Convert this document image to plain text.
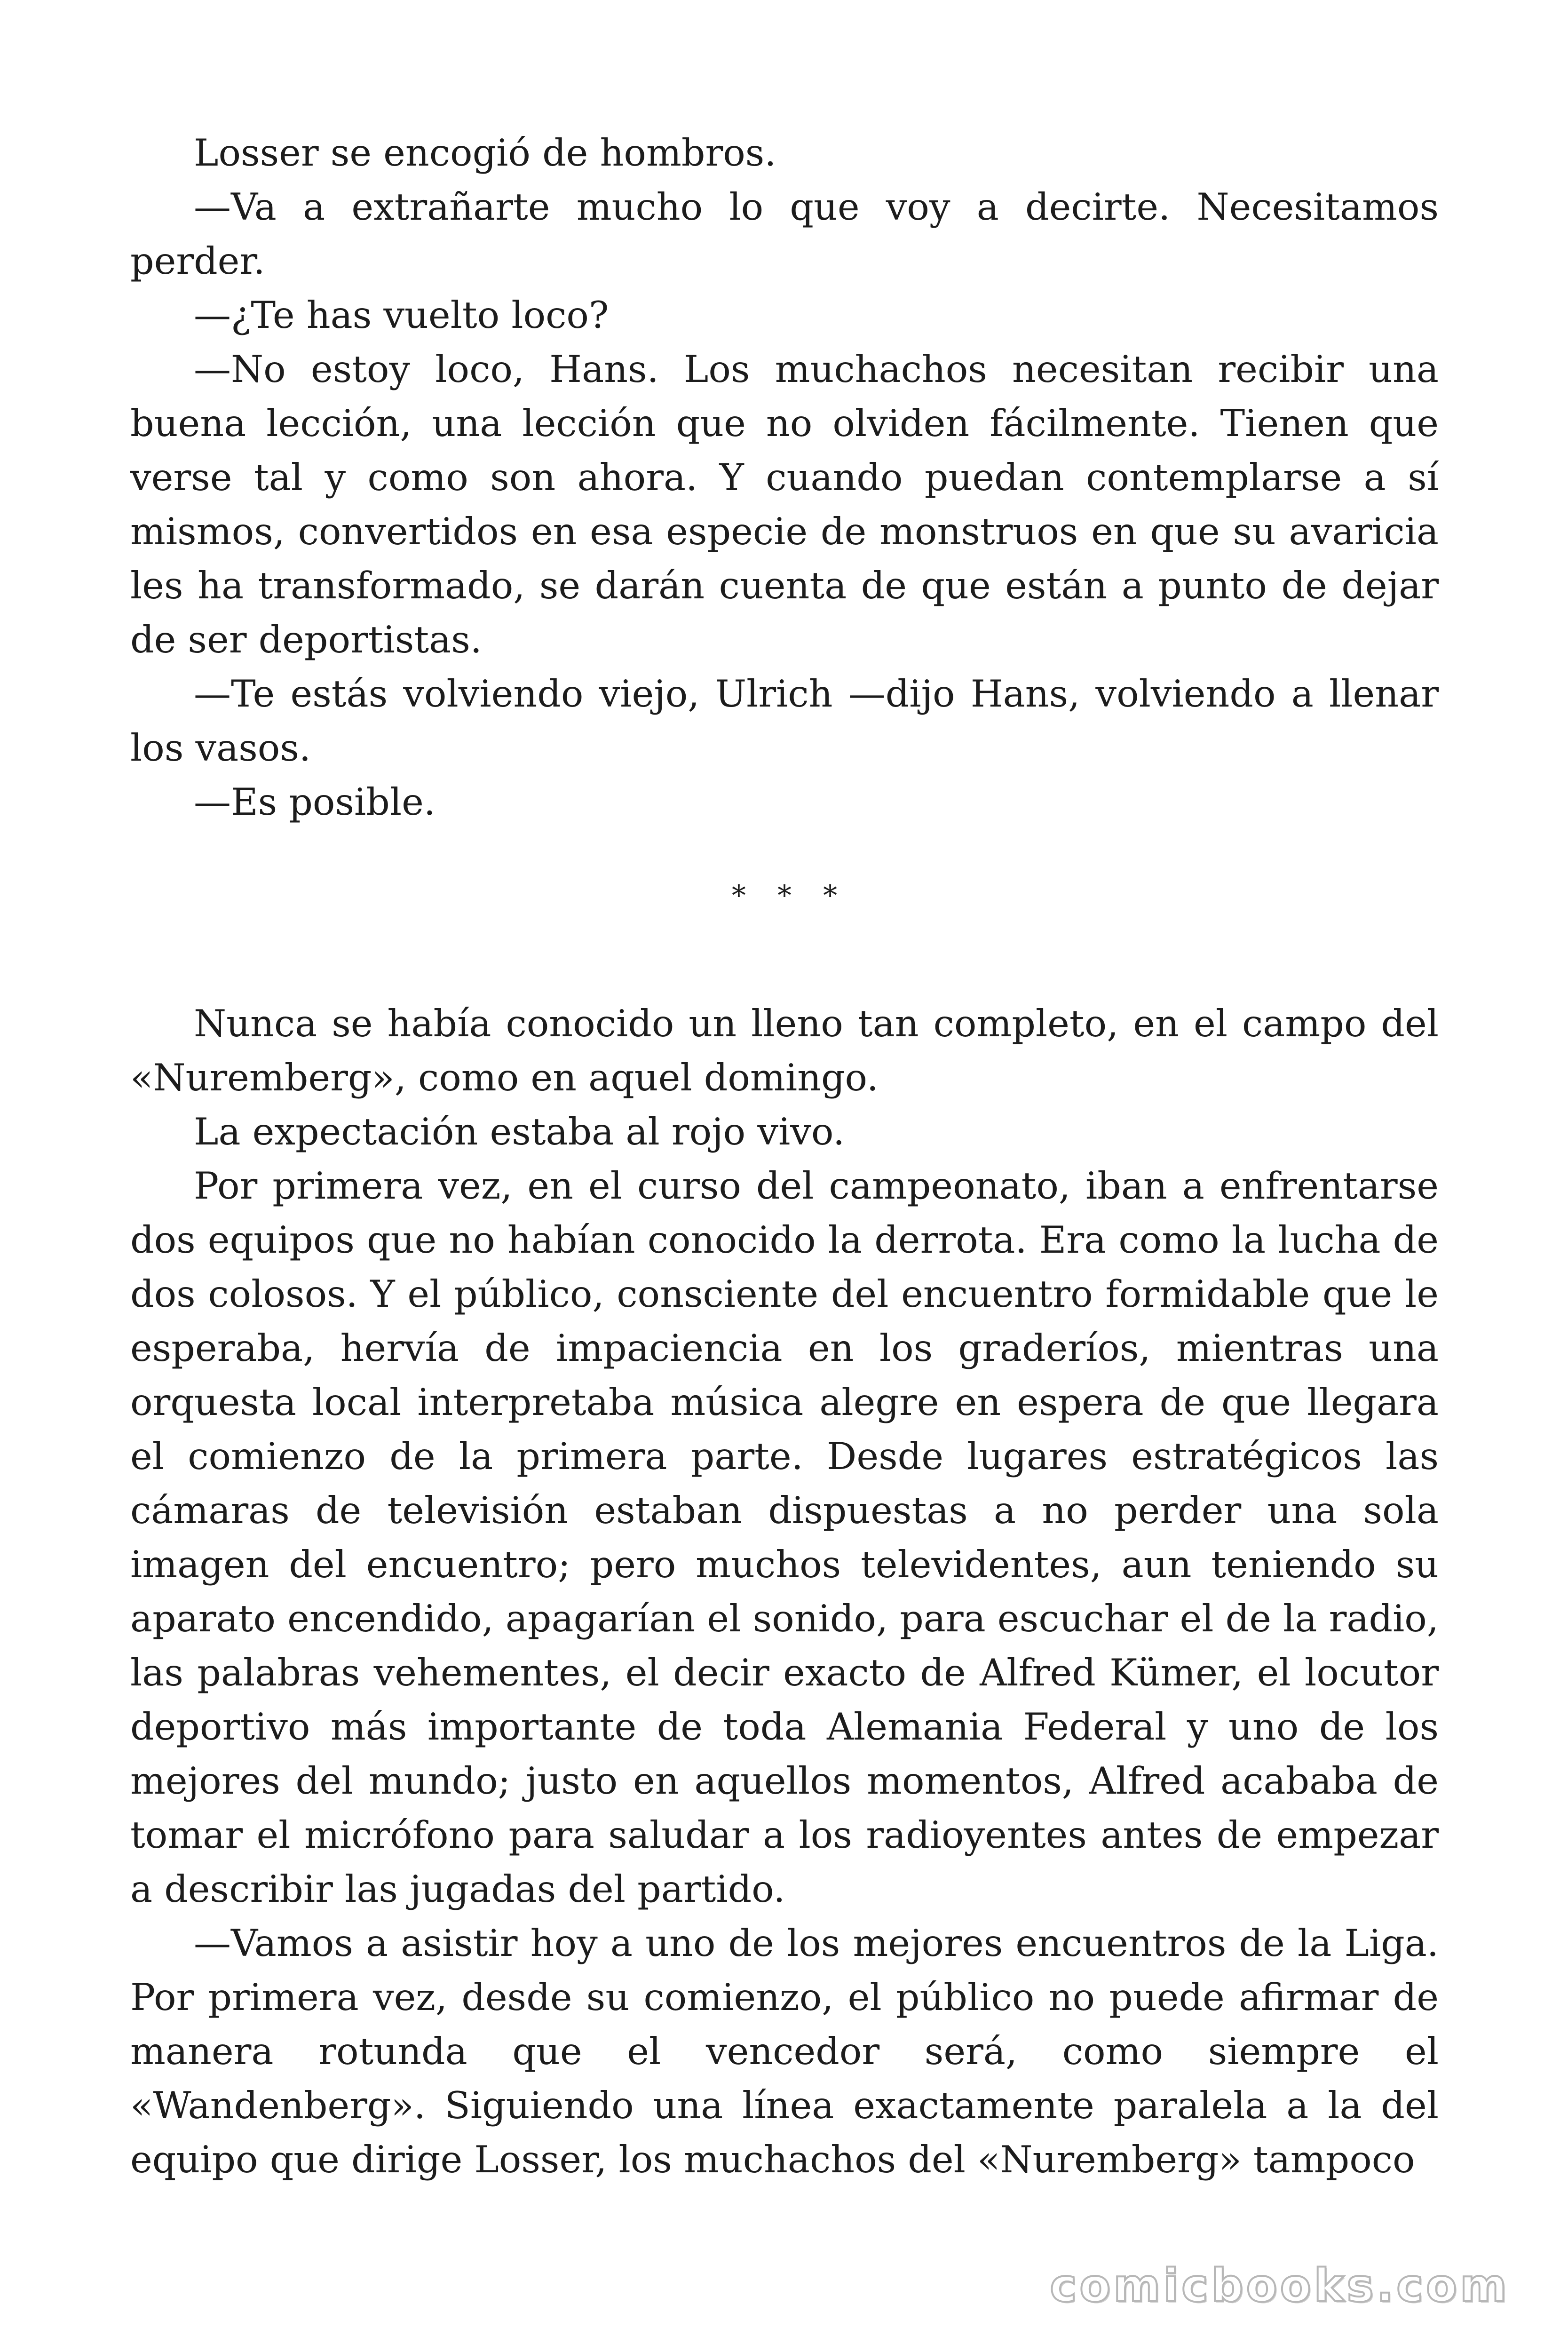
Losser se encogió de hombros.

—Va a extrañarte mucho lo que voy a decirte. Necesitamos perder.

—¿Te has vuelto loco?

—No estoy loco, Hans. Los muchachos necesitan recibir una buena lección, una lección que no olviden fácilmente. Tienen que verse tal y como son ahora. Y cuando puedan contemplarse a sí mismos, convertidos en esa especie de monstruos en que su avaricia les ha transformado, se darán cuenta de que están a punto de dejar de ser deportistas.

—Te estás volviendo viejo, Ulrich —dijo Hans, volviendo a llenar los vasos.

—Es posible.

* * *

Nunca se había conocido un lleno tan completo, en el campo del «Nuremberg», como en aquel domingo.

La expectación estaba al rojo vivo.

Por primera vez, en el curso del campeonato, iban a enfrentarse dos equipos que no habían conocido la derrota. Era como la lucha de dos colosos. Y el público, consciente del encuentro formidable que le esperaba, hervía de impaciencia en los graderíos, mientras una orquesta local interpretaba música alegre en espera de que llegara el comienzo de la primera parte. Desde lugares estratégicos las cámaras de televisión estaban dispuestas a no perder una sola imagen del encuentro; pero muchos televidentes, aun teniendo su aparato encendido, apagarían el sonido, para escuchar el de la radio, las palabras vehementes, el decir exacto de Alfred Kümer, el locutor deportivo más importante de toda Alemania Federal y uno de los mejores del mundo; justo en aquellos momentos, Alfred acababa de tomar el micrófono para saludar a los radioyentes antes de empezar a describir las jugadas del partido.

—Vamos a asistir hoy a uno de los mejores encuentros de la Liga. Por primera vez, desde su comienzo, el público no puede afirmar de manera rotunda que el vencedor será, como siempre el «Wandenberg». Siguiendo una línea exactamente paralela a la del equipo que dirige Losser, los muchachos del «Nuremberg» tampoco

comicbooks.com
